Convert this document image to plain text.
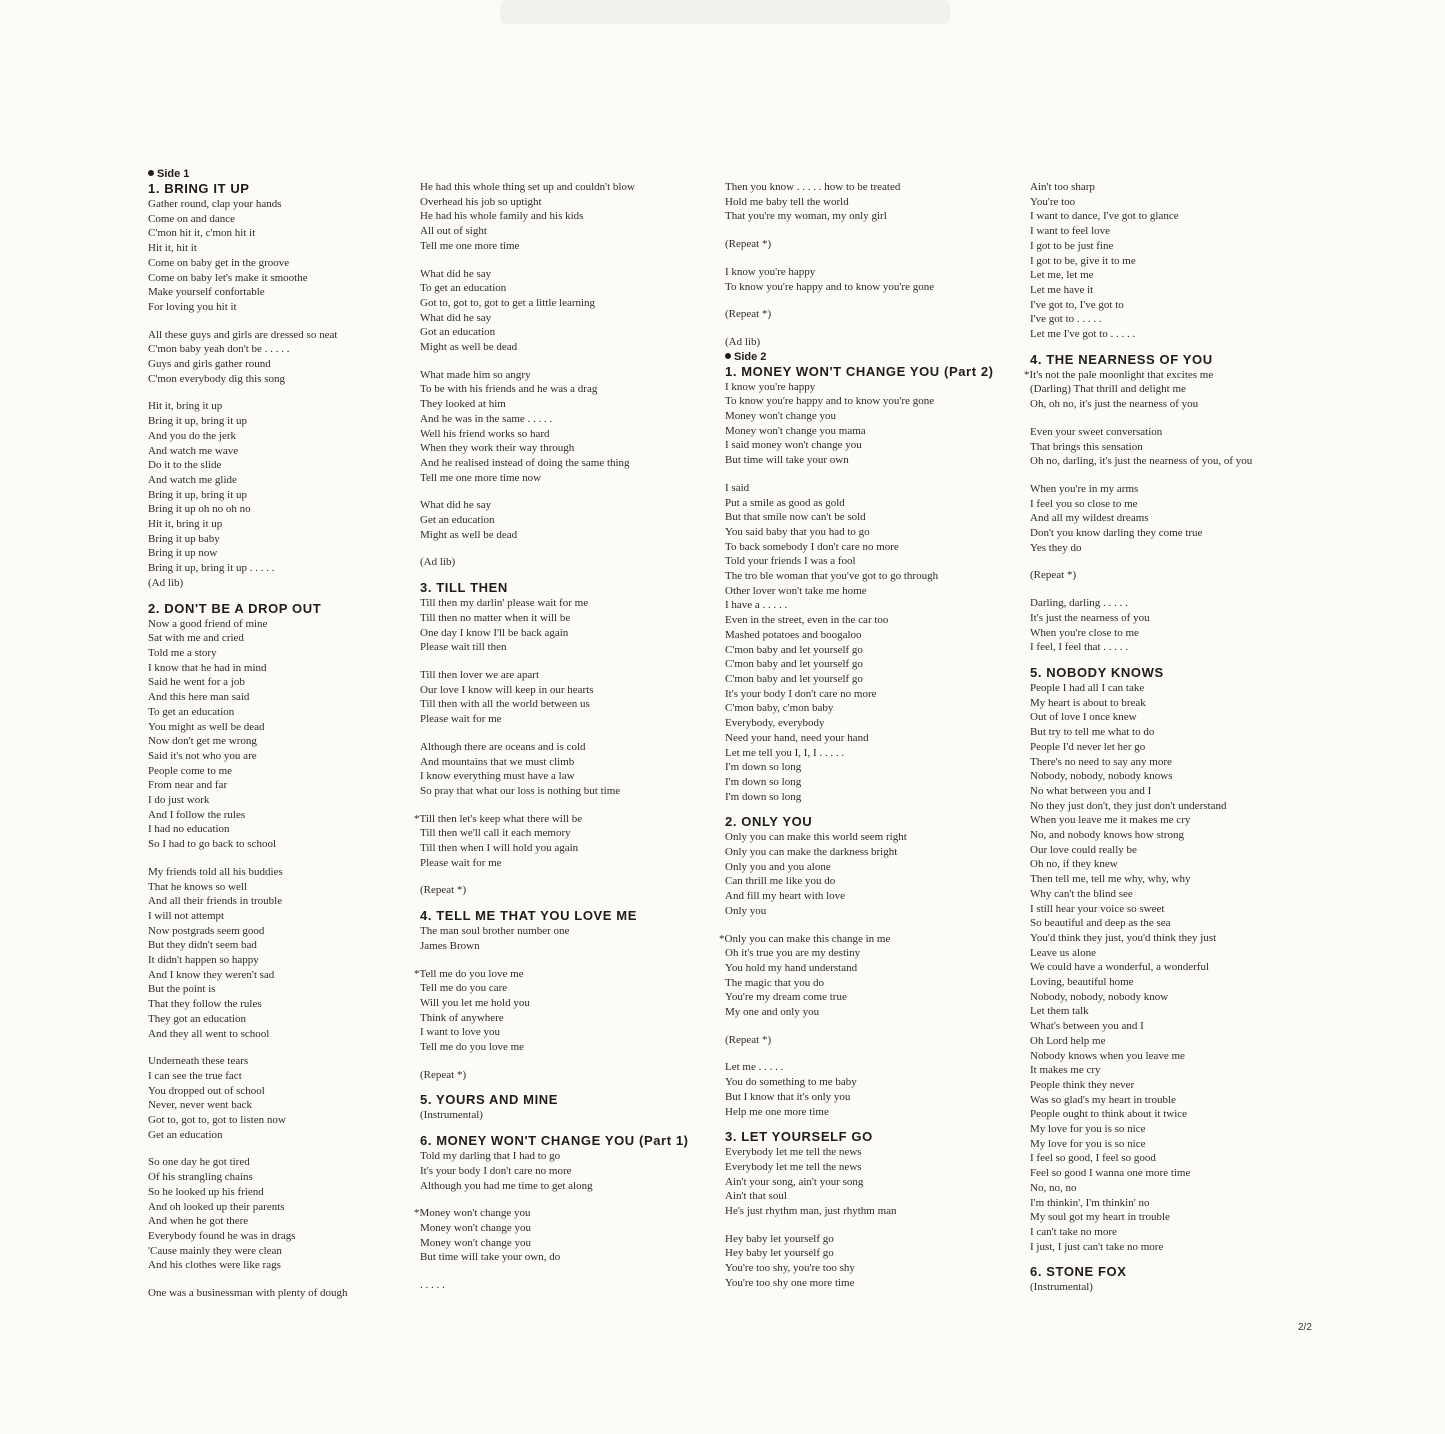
Side 1
1. BRING IT UP
Gather round, clap your hands
Come on and dance
C'mon hit it, c'mon hit it
Hit it, hit it
Come on baby get in the groove
Come on baby let's make it smoothe
Make yourself confortable
For loving you hit it
All these guys and girls are dressed so neat
C'mon baby yeah don't be . . . . .
Guys and girls gather round
C'mon everybody dig this song
Hit it, bring it up
Bring it up, bring it up
And you do the jerk
And watch me wave
Do it to the slide
And watch me glide
Bring it up, bring it up
Bring it up oh no oh no
Hit it, bring it up
Bring it up baby
Bring it up now
Bring it up, bring it up . . . . .
(Ad lib)
2. DON'T BE A DROP OUT
Now a good friend of mine
Sat with me and cried
Told me a story
I know that he had in mind
Said he went for a job
And this here man said
To get an education
You might as well be dead
Now don't get me wrong
Said it's not who you are
People come to me
From near and far
I do just work
And I follow the rules
I had no education
So I had to go back to school
My friends told all his buddies
That he knows so well
And all their friends in trouble
I will not attempt
Now postgrads seem good
But they didn't seem bad
It didn't happen so happy
And I know they weren't sad
But the point is
That they follow the rules
They got an education
And they all went to school
Underneath these tears
I can see the true fact
You dropped out of school
Never, never went back
Got to, got to, got to listen now
Get an education
So one day he got tired
Of his strangling chains
So he looked up his friend
And oh looked up their parents
And when he got there
Everybody found he was in drags
'Cause mainly they were clean
And his clothes were like rags
One was a businessman with plenty of dough
He had this whole thing set up and couldn't blow
Overhead his job so uptight
He had his whole family and his kids
All out of sight
Tell me one more time
What did he say
To get an education
Got to, got to, got to get a little learning
What did he say
Got an education
Might as well be dead
What made him so angry
To be with his friends and he was a drag
They looked at him
And he was in the same . . . . .
Well his friend works so hard
When they work their way through
And he realised instead of doing the same thing
Tell me one more time now
What did he say
Get an education
Might as well be dead
(Ad lib)
3. TILL THEN
Till then my darlin' please wait for me
Till then no matter when it will be
One day I know I'll be back again
Please wait till then
Till then lover we are apart
Our love I know will keep in our hearts
Till then with all the world between us
Please wait for me
Although there are oceans and is cold
And mountains that we must climb
I know everything must have a law
So pray that what our loss is nothing but time
*Till then let's keep what there will be
Till then we'll call it each memory
Till then when I will hold you again
Please wait for me
(Repeat *)
4. TELL ME THAT YOU LOVE ME
The man soul brother number one
James Brown
*Tell me do you love me
Tell me do you care
Will you let me hold you
Think of anywhere
I want to love you
Tell me do you love me
(Repeat *)
5. YOURS AND MINE
(Instrumental)
6. MONEY WON'T CHANGE YOU (Part 1)
Told my darling that I had to go
It's your body I don't care no more
Although you had me time to get along
*Money won't change you
Money won't change you
Money won't change you
But time will take your own, do
. . . . .
Then you know . . . . . how to be treated
Hold me baby tell the world
That you're my woman, my only girl
(Repeat *)
I know you're happy
To know you're happy and to know you're gone
(Repeat *)
(Ad lib)
Side 2
1. MONEY WON'T CHANGE YOU (Part 2)
I know you're happy
To know you're happy and to know you're gone
Money won't change you
Money won't change you mama
I said money won't change you
But time will take your own
I said
Put a smile as good as gold
But that smile now can't be sold
You said baby that you had to go
To back somebody I don't care no more
Told your friends I was a fool
The tro ble woman that you've got to go through
Other lover won't take me home
I have a . . . . .
Even in the street, even in the car too
Mashed potatoes and boogaloo
C'mon baby and let yourself go
C'mon baby and let yourself go
C'mon baby and let yourself go
It's your body I don't care no more
C'mon baby, c'mon baby
Everybody, everybody
Need your hand, need your hand
Let me tell you I, I, I . . . . .
I'm down so long
I'm down so long
I'm down so long
2. ONLY YOU
Only you can make this world seem right
Only you can make the darkness bright
Only you and you alone
Can thrill me like you do
And fill my heart with love
Only you
*Only you can make this change in me
Oh it's true you are my destiny
You hold my hand understand
The magic that you do
You're my dream come true
My one and only you
(Repeat *)
Let me . . . . .
You do something to me baby
But I know that it's only you
Help me one more time
3. LET YOURSELF GO
Everybody let me tell the news
Everybody let me tell the news
Ain't your song, ain't your song
Ain't that soul
He's just rhythm man, just rhythm man
Hey baby let yourself go
Hey baby let yourself go
You're too shy, you're too shy
You're too shy one more time
Ain't too sharp
You're too
I want to dance, I've got to glance
I want to feel love
I got to be just fine
I got to be, give it to me
Let me, let me
Let me have it
I've got to, I've got to
I've got to . . . . .
Let me I've got to . . . . .
4. THE NEARNESS OF YOU
*It's not the pale moonlight that excites me
(Darling) That thrill and delight me
Oh, oh no, it's just the nearness of you
Even your sweet conversation
That brings this sensation
Oh no, darling, it's just the nearness of you, of you
When you're in my arms
I feel you so close to me
And all my wildest dreams
Don't you know darling they come true
Yes they do
(Repeat *)
Darling, darling . . . . .
It's just the nearness of you
When you're close to me
I feel, I feel that . . . . .
5. NOBODY KNOWS
People I had all I can take
My heart is about to break
Out of love I once knew
But try to tell me what to do
People I'd never let her go
There's no need to say any more
Nobody, nobody, nobody knows
No what between you and I
No they just don't, they just don't understand
When you leave me it makes me cry
No, and nobody knows how strong
Our love could really be
Oh no, if they knew
Then tell me, tell me why, why, why
Why can't the blind see
I still hear your voice so sweet
So beautiful and deep as the sea
You'd think they just, you'd think they just
Leave us alone
We could have a wonderful, a wonderful
Loving, beautiful home
Nobody, nobody, nobody know
Let them talk
What's between you and I
Oh Lord help me
Nobody knows when you leave me
It makes me cry
People think they never
Was so glad's my heart in trouble
People ought to think about it twice
My love for you is so nice
My love for you is so nice
I feel so good, I feel so good
Feel so good I wanna one more time
No, no, no
I'm thinkin', I'm thinkin' no
My soul got my heart in trouble
I can't take no more
I just, I just can't take no more
6. STONE FOX
(Instrumental)
2/2
